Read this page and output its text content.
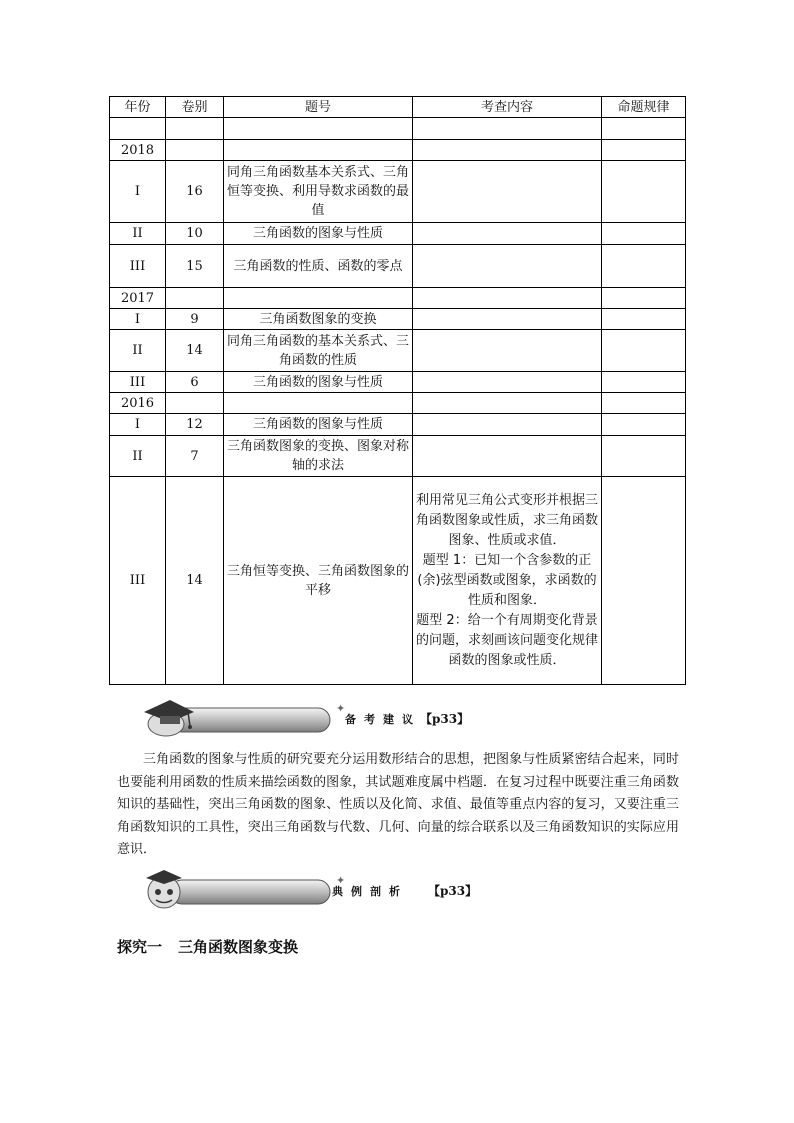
年份	卷别	题号	考查内容	命题规律

2018				
I	16	同角三角函数基本关系式、三角恒等变换、利用导数求函数的最值		
II	10	三角函数的图象与性质		
III	15	三角函数的性质、函数的零点		
2017				
I	9	三角函数图象的变换		
II	14	同角三角函数的基本关系式、三角函数的性质		
III	6	三角函数的图象与性质		
2016				
I	12	三角函数的图象与性质		
II	7	三角函数图象的变换、图象对称轴的求法		
III	14	三角恒等变换、三角函数图象的平移	利用常见三角公式变形并根据三角函数图象或性质，求三角函数图象、性质或求值．
题型 1：已知一个含参数的正(余)弦型函数或图象，求函数的性质和图象．
题型 2：给一个有周期变化背景的问题，求刻画该问题变化规律函数的图象或性质．	

✦
备考建议 【p33】

三角函数的图象与性质的研究要充分运用数形结合的思想，把图象与性质紧密结合起来，同时也要能利用函数的性质来描绘函数的图象，其试题难度属中档题．在复习过程中既要注重三角函数知识的基础性，突出三角函数的图象、性质以及化简、求值、最值等重点内容的复习，又要注重三角函数知识的工具性，突出三角函数与代数、几何、向量的综合联系以及三角函数知识的实际应用意识．

✦
典例剖析 【p33】
探究一 三角函数图象变换
